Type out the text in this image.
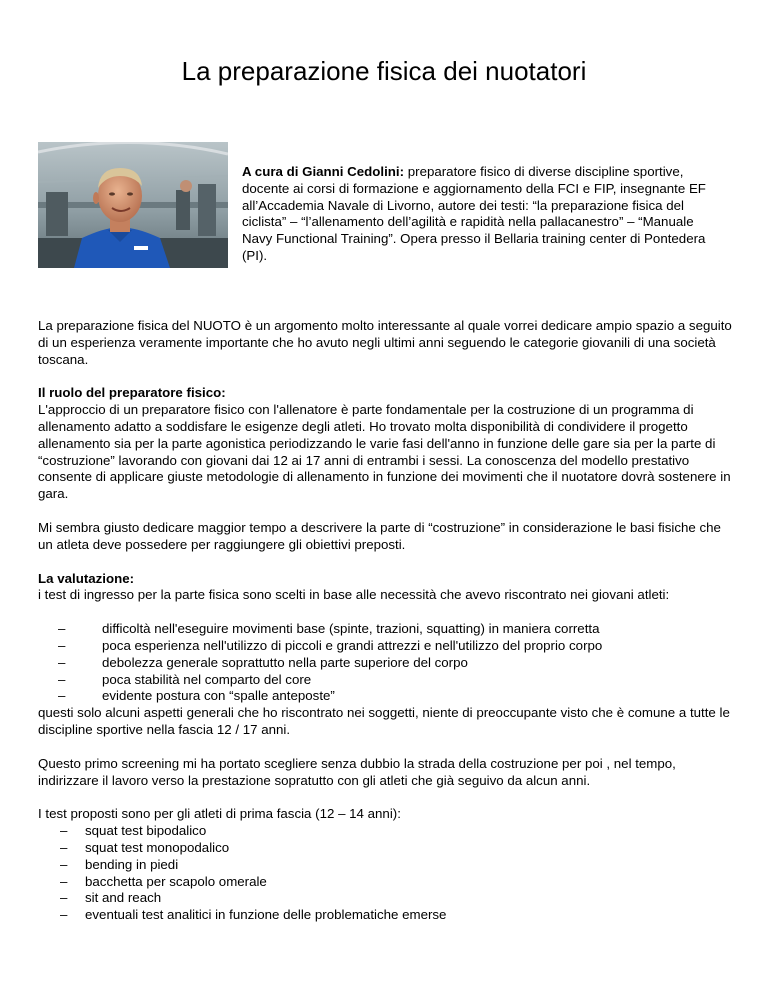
La preparazione fisica dei nuotatori

A cura di Gianni Cedolini: preparatore fisico di diverse discipline sportive, docente ai corsi di formazione e aggiornamento della FCI e FIP, insegnante EF all’Accademia Navale di Livorno, autore dei testi: “la preparazione fisica del ciclista” – “l’allenamento dell’agilità e rapidità nella pallacanestro” – “Manuale Navy Functional Training”. Opera presso il Bellaria training center di Pontedera (PI).

La preparazione fisica del NUOTO è un argomento molto interessante al quale vorrei dedicare ampio spazio a seguito di un esperienza veramente importante che ho avuto negli ultimi anni seguendo le categorie giovanili di una società toscana.

Il ruolo del preparatore fisico:
L'approccio di un preparatore fisico con l'allenatore è parte fondamentale per la costruzione di un programma di allenamento adatto a soddisfare le esigenze degli atleti. Ho trovato molta disponibilità di condividere il progetto allenamento sia per la parte agonistica periodizzando le varie fasi dell'anno in funzione delle gare sia per la parte di “costruzione” lavorando con giovani dai 12 ai 17 anni di entrambi i sessi. La conoscenza del modello prestativo consente di applicare giuste metodologie di allenamento in funzione dei movimenti che il nuotatore dovrà sostenere in gara.

Mi sembra giusto dedicare maggior tempo a descrivere la parte di “costruzione” in considerazione le basi fisiche che un atleta deve possedere per raggiungere gli obiettivi preposti.

La valutazione:
i test di ingresso per la parte fisica sono scelti in base alle necessità che avevo riscontrato nei giovani atleti:

–	difficoltà nell'eseguire movimenti base (spinte, trazioni, squatting) in maniera corretta
–	poca esperienza nell'utilizzo di piccoli e grandi attrezzi e nell'utilizzo del proprio corpo
–	debolezza generale soprattutto nella parte superiore del corpo
–	poca stabilità nel comparto del core
–	evidente postura con “spalle anteposte”

questi solo alcuni aspetti generali che ho riscontrato nei soggetti, niente di preoccupante visto che è comune a tutte le discipline sportive nella fascia 12 / 17 anni.

Questo primo screening mi ha portato scegliere senza dubbio la strada della costruzione per poi , nel tempo, indirizzare il lavoro verso la prestazione sopratutto con gli atleti che già seguivo da alcun anni.

I test proposti sono per gli atleti di prima fascia (12 – 14 anni):
– squat test bipodalico
– squat test monopodalico
– bending in piedi
– bacchetta per scapolo omerale
– sit and reach
– eventuali test analitici in funzione delle problematiche emerse
